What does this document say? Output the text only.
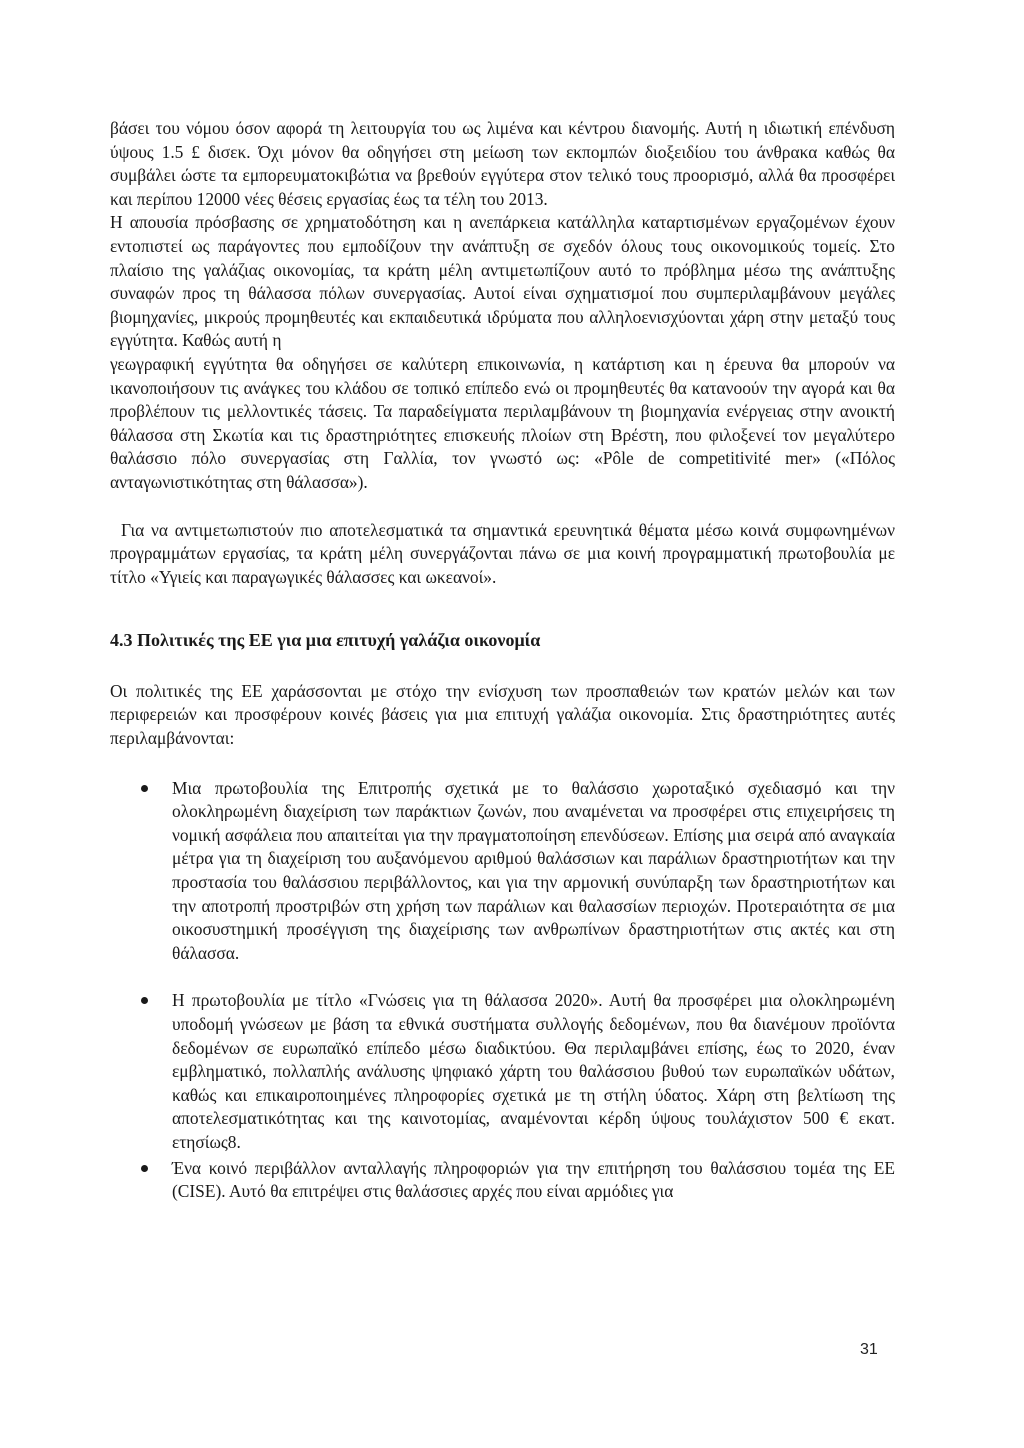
βάσει του νόμου όσον αφορά τη λειτουργία του ως λιμένα και κέντρου διανομής. Αυτή η ιδιωτική επένδυση ύψους 1.5 £ δισεκ. Όχι μόνον θα οδηγήσει στη μείωση των εκπομπών διοξειδίου του άνθρακα καθώς θα συμβάλει ώστε τα εμπορευματοκιβώτια να βρεθούν εγγύτερα στον τελικό τους προορισμό, αλλά θα προσφέρει και περίπου 12000 νέες θέσεις εργασίας έως τα τέλη του 2013.

Η απουσία πρόσβασης σε χρηματοδότηση και η ανεπάρκεια κατάλληλα καταρτισμένων εργαζομένων έχουν εντοπιστεί ως παράγοντες που εμποδίζουν την ανάπτυξη σε σχεδόν όλους τους οικονομικούς τομείς. Στο πλαίσιο της γαλάζιας οικονομίας, τα κράτη μέλη αντιμετωπίζουν αυτό το πρόβλημα μέσω της ανάπτυξης συναφών προς τη θάλασσα πόλων συνεργασίας. Αυτοί είναι σχηματισμοί που συμπεριλαμβάνουν μεγάλες βιομηχανίες, μικρούς προμηθευτές και εκπαιδευτικά ιδρύματα που αλληλοενισχύονται χάρη στην μεταξύ τους εγγύτητα. Καθώς αυτή η

γεωγραφική εγγύτητα θα οδηγήσει σε καλύτερη επικοινωνία, η κατάρτιση και η έρευνα θα μπορούν να ικανοποιήσουν τις ανάγκες του κλάδου σε τοπικό επίπεδο ενώ οι προμηθευτές θα κατανοούν την αγορά και θα προβλέπουν τις μελλοντικές τάσεις. Τα παραδείγματα περιλαμβάνουν τη βιομηχανία ενέργειας στην ανοικτή θάλασσα στη Σκωτία και τις δραστηριότητες επισκευής πλοίων στη Βρέστη, που φιλοξενεί τον μεγαλύτερο θαλάσσιο πόλο συνεργασίας στη Γαλλία, τον γνωστό ως: «Pôle de competitivité mer» («Πόλος ανταγωνιστικότητας στη θάλασσα»).

Για να αντιμετωπιστούν πιο αποτελεσματικά τα σημαντικά ερευνητικά θέματα μέσω κοινά συμφωνημένων προγραμμάτων εργασίας, τα κράτη μέλη συνεργάζονται πάνω σε μια κοινή προγραμματική πρωτοβουλία με τίτλο «Υγιείς και παραγωγικές θάλασσες και ωκεανοί».

4.3 Πολιτικές της ΕΕ για μια επιτυχή γαλάζια οικονομία

Οι πολιτικές της ΕΕ χαράσσονται με στόχο την ενίσχυση των προσπαθειών των κρατών μελών και των περιφερειών και προσφέρουν κοινές βάσεις για μια επιτυχή γαλάζια οικονομία. Στις δραστηριότητες αυτές περιλαμβάνονται:

Μια πρωτοβουλία της Επιτροπής σχετικά με το θαλάσσιο χωροταξικό σχεδιασμό και την ολοκληρωμένη διαχείριση των παράκτιων ζωνών, που αναμένεται να προσφέρει στις επιχειρήσεις τη νομική ασφάλεια που απαιτείται για την πραγματοποίηση επενδύσεων. Επίσης μια σειρά από αναγκαία μέτρα για τη διαχείριση του αυξανόμενου αριθμού θαλάσσιων και παράλιων δραστηριοτήτων και την προστασία του θαλάσσιου περιβάλλοντος, και για την αρμονική συνύπαρξη των δραστηριοτήτων και την αποτροπή προστριβών στη χρήση των παράλιων και θαλασσίων περιοχών. Προτεραιότητα σε μια οικοσυστημική προσέγγιση της διαχείρισης των ανθρωπίνων δραστηριοτήτων στις ακτές και στη θάλασσα.
Η πρωτοβουλία με τίτλο «Γνώσεις για τη θάλασσα 2020». Αυτή θα προσφέρει μια ολοκληρωμένη υποδομή γνώσεων με βάση τα εθνικά συστήματα συλλογής δεδομένων, που θα διανέμουν προϊόντα δεδομένων σε ευρωπαϊκό επίπεδο μέσω διαδικτύου. Θα περιλαμβάνει επίσης, έως το 2020, έναν εμβληματικό, πολλαπλής ανάλυσης ψηφιακό χάρτη του θαλάσσιου βυθού των ευρωπαϊκών υδάτων, καθώς και επικαιροποιημένες πληροφορίες σχετικά με τη στήλη ύδατος. Χάρη στη βελτίωση της αποτελεσματικότητας και της καινοτομίας, αναμένονται κέρδη ύψους τουλάχιστον 500 € εκατ. ετησίως8.
Ένα κοινό περιβάλλον ανταλλαγής πληροφοριών για την επιτήρηση του θαλάσσιου τομέα της ΕΕ (CISE). Αυτό θα επιτρέψει στις θαλάσσιες αρχές που είναι αρμόδιες για
31
